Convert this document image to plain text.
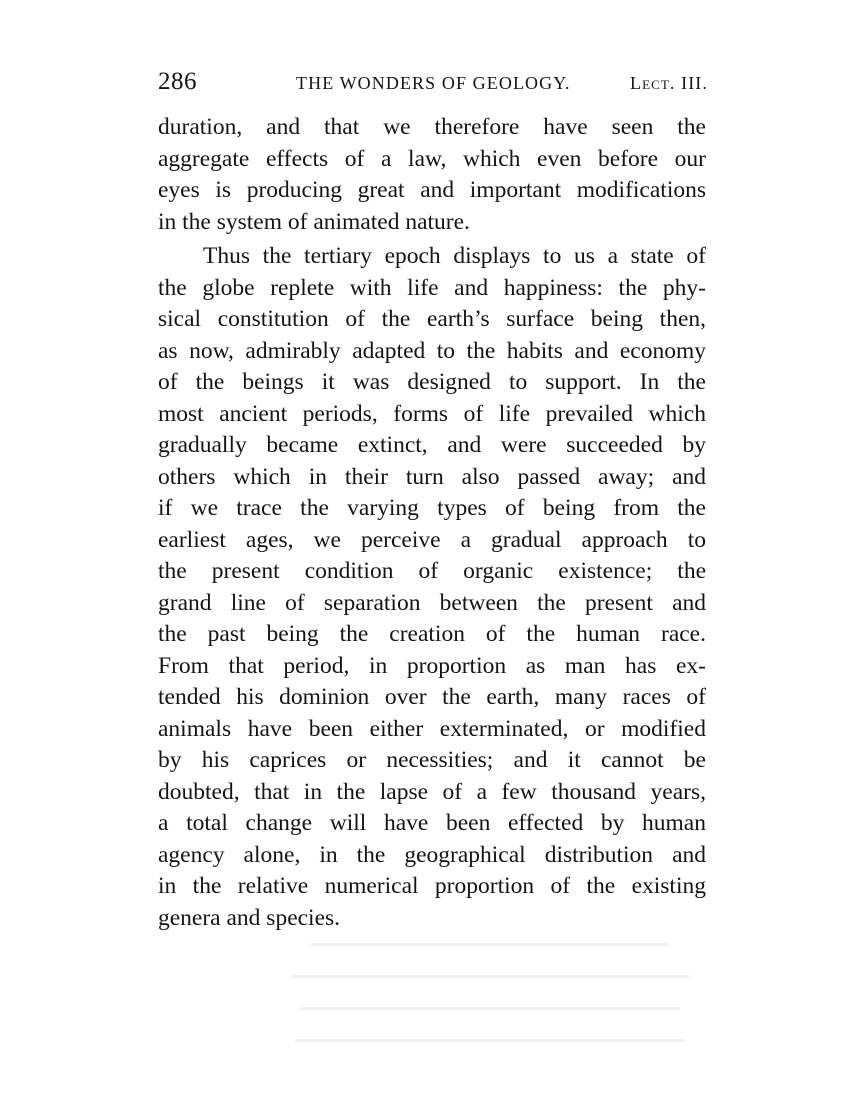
286	THE WONDERS OF GEOLOGY.	Lect. III.
duration, and that we therefore have seen the
aggregate effects of a law, which even before our
eyes is producing great and important modifications
in the system of animated nature.
Thus the tertiary epoch displays to us a state of
the globe replete with life and happiness: the phy-
sical constitution of the earth’s surface being then,
as now, admirably adapted to the habits and economy
of the beings it was designed to support. In the
most ancient periods, forms of life prevailed which
gradually became extinct, and were succeeded by
others which in their turn also passed away; and
if we trace the varying types of being from the
earliest ages, we perceive a gradual approach to
the present condition of organic existence; the
grand line of separation between the present and
the past being the creation of the human race.
From that period, in proportion as man has ex-
tended his dominion over the earth, many races of
animals have been either exterminated, or modified
by his caprices or necessities; and it cannot be
doubted, that in the lapse of a few thousand years,
a total change will have been effected by human
agency alone, in the geographical distribution and
in the relative numerical proportion of the existing
genera and species.
